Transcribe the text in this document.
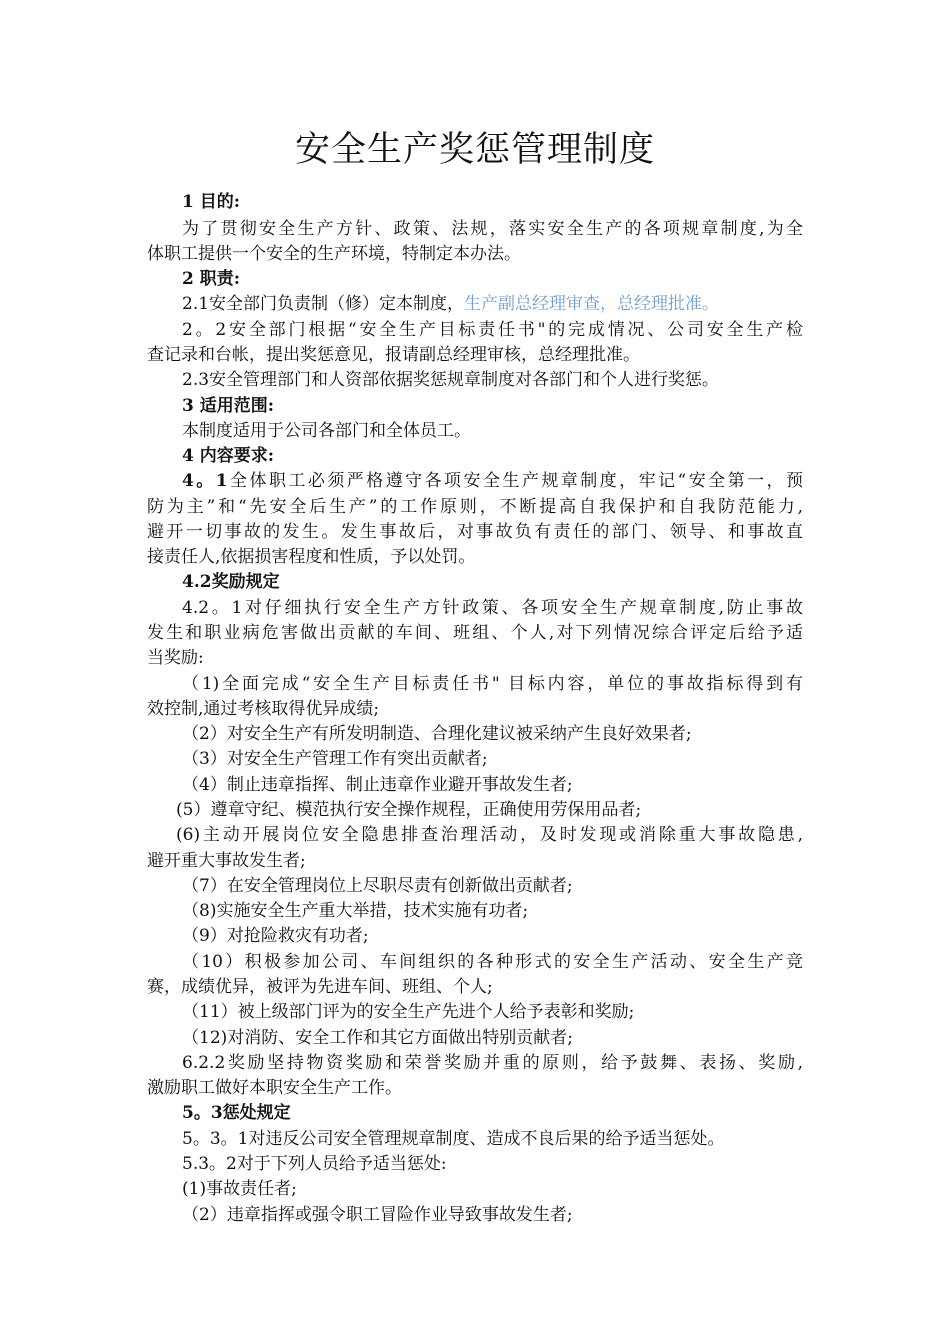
安全生产奖惩管理制度
1 目的:
为了贯彻安全生产方针、政策、法规，落实安全生产的各项规章制度,为全
体职工提供一个安全的生产环境，特制定本办法。
2 职责:
2.1安全部门负责制（修）定本制度，生产副总经理审查，总经理批准。
2。2安全部门根据“安全生产目标责任书"的完成情况、公司安全生产检
查记录和台帐，提出奖惩意见，报请副总经理审核，总经理批准。
2.3安全管理部门和人资部依据奖惩规章制度对各部门和个人进行奖惩。
3 适用范围:
本制度适用于公司各部门和全体员工。
4 内容要求:
4。1全体职工必须严格遵守各项安全生产规章制度，牢记“安全第一，预
防为主”和“先安全后生产”的工作原则，不断提高自我保护和自我防范能力,
避开一切事故的发生。发生事故后，对事故负有责任的部门、领导、和事故直
接责任人,依据损害程度和性质，予以处罚。
4.2奖励规定
4.2。1对仔细执行安全生产方针政策、各项安全生产规章制度,防止事故
发生和职业病危害做出贡献的车间、班组、个人,对下列情况综合评定后给予适
当奖励:
（1)全面完成“安全生产目标责任书" 目标内容，单位的事故指标得到有
效控制,通过考核取得优异成绩;
（2）对安全生产有所发明制造、合理化建议被采纳产生良好效果者;
（3）对安全生产管理工作有突出贡献者;
（4）制止违章指挥、制止违章作业避开事故发生者;
(5）遵章守纪、模范执行安全操作规程，正确使用劳保用品者;
(6)主动开展岗位安全隐患排查治理活动，及时发现或消除重大事故隐患,
避开重大事故发生者;
（7）在安全管理岗位上尽职尽责有创新做出贡献者;
（8)实施安全生产重大举措，技术实施有功者;
（9）对抢险救灾有功者;
（10）积极参加公司、车间组织的各种形式的安全生产活动、安全生产竞
赛，成绩优异，被评为先进车间、班组、个人;
（11）被上级部门评为的安全生产先进个人给予表彰和奖励;
（12)对消防、安全工作和其它方面做出特别贡献者;
6.2.2奖励坚持物资奖励和荣誉奖励并重的原则，给予鼓舞、表扬、奖励,
激励职工做好本职安全生产工作。
5。3惩处规定
5。3。1对违反公司安全管理规章制度、造成不良后果的给予适当惩处。
5.3。2对于下列人员给予适当惩处:
(1)事故责任者;
（2）违章指挥或强令职工冒险作业导致事故发生者;
